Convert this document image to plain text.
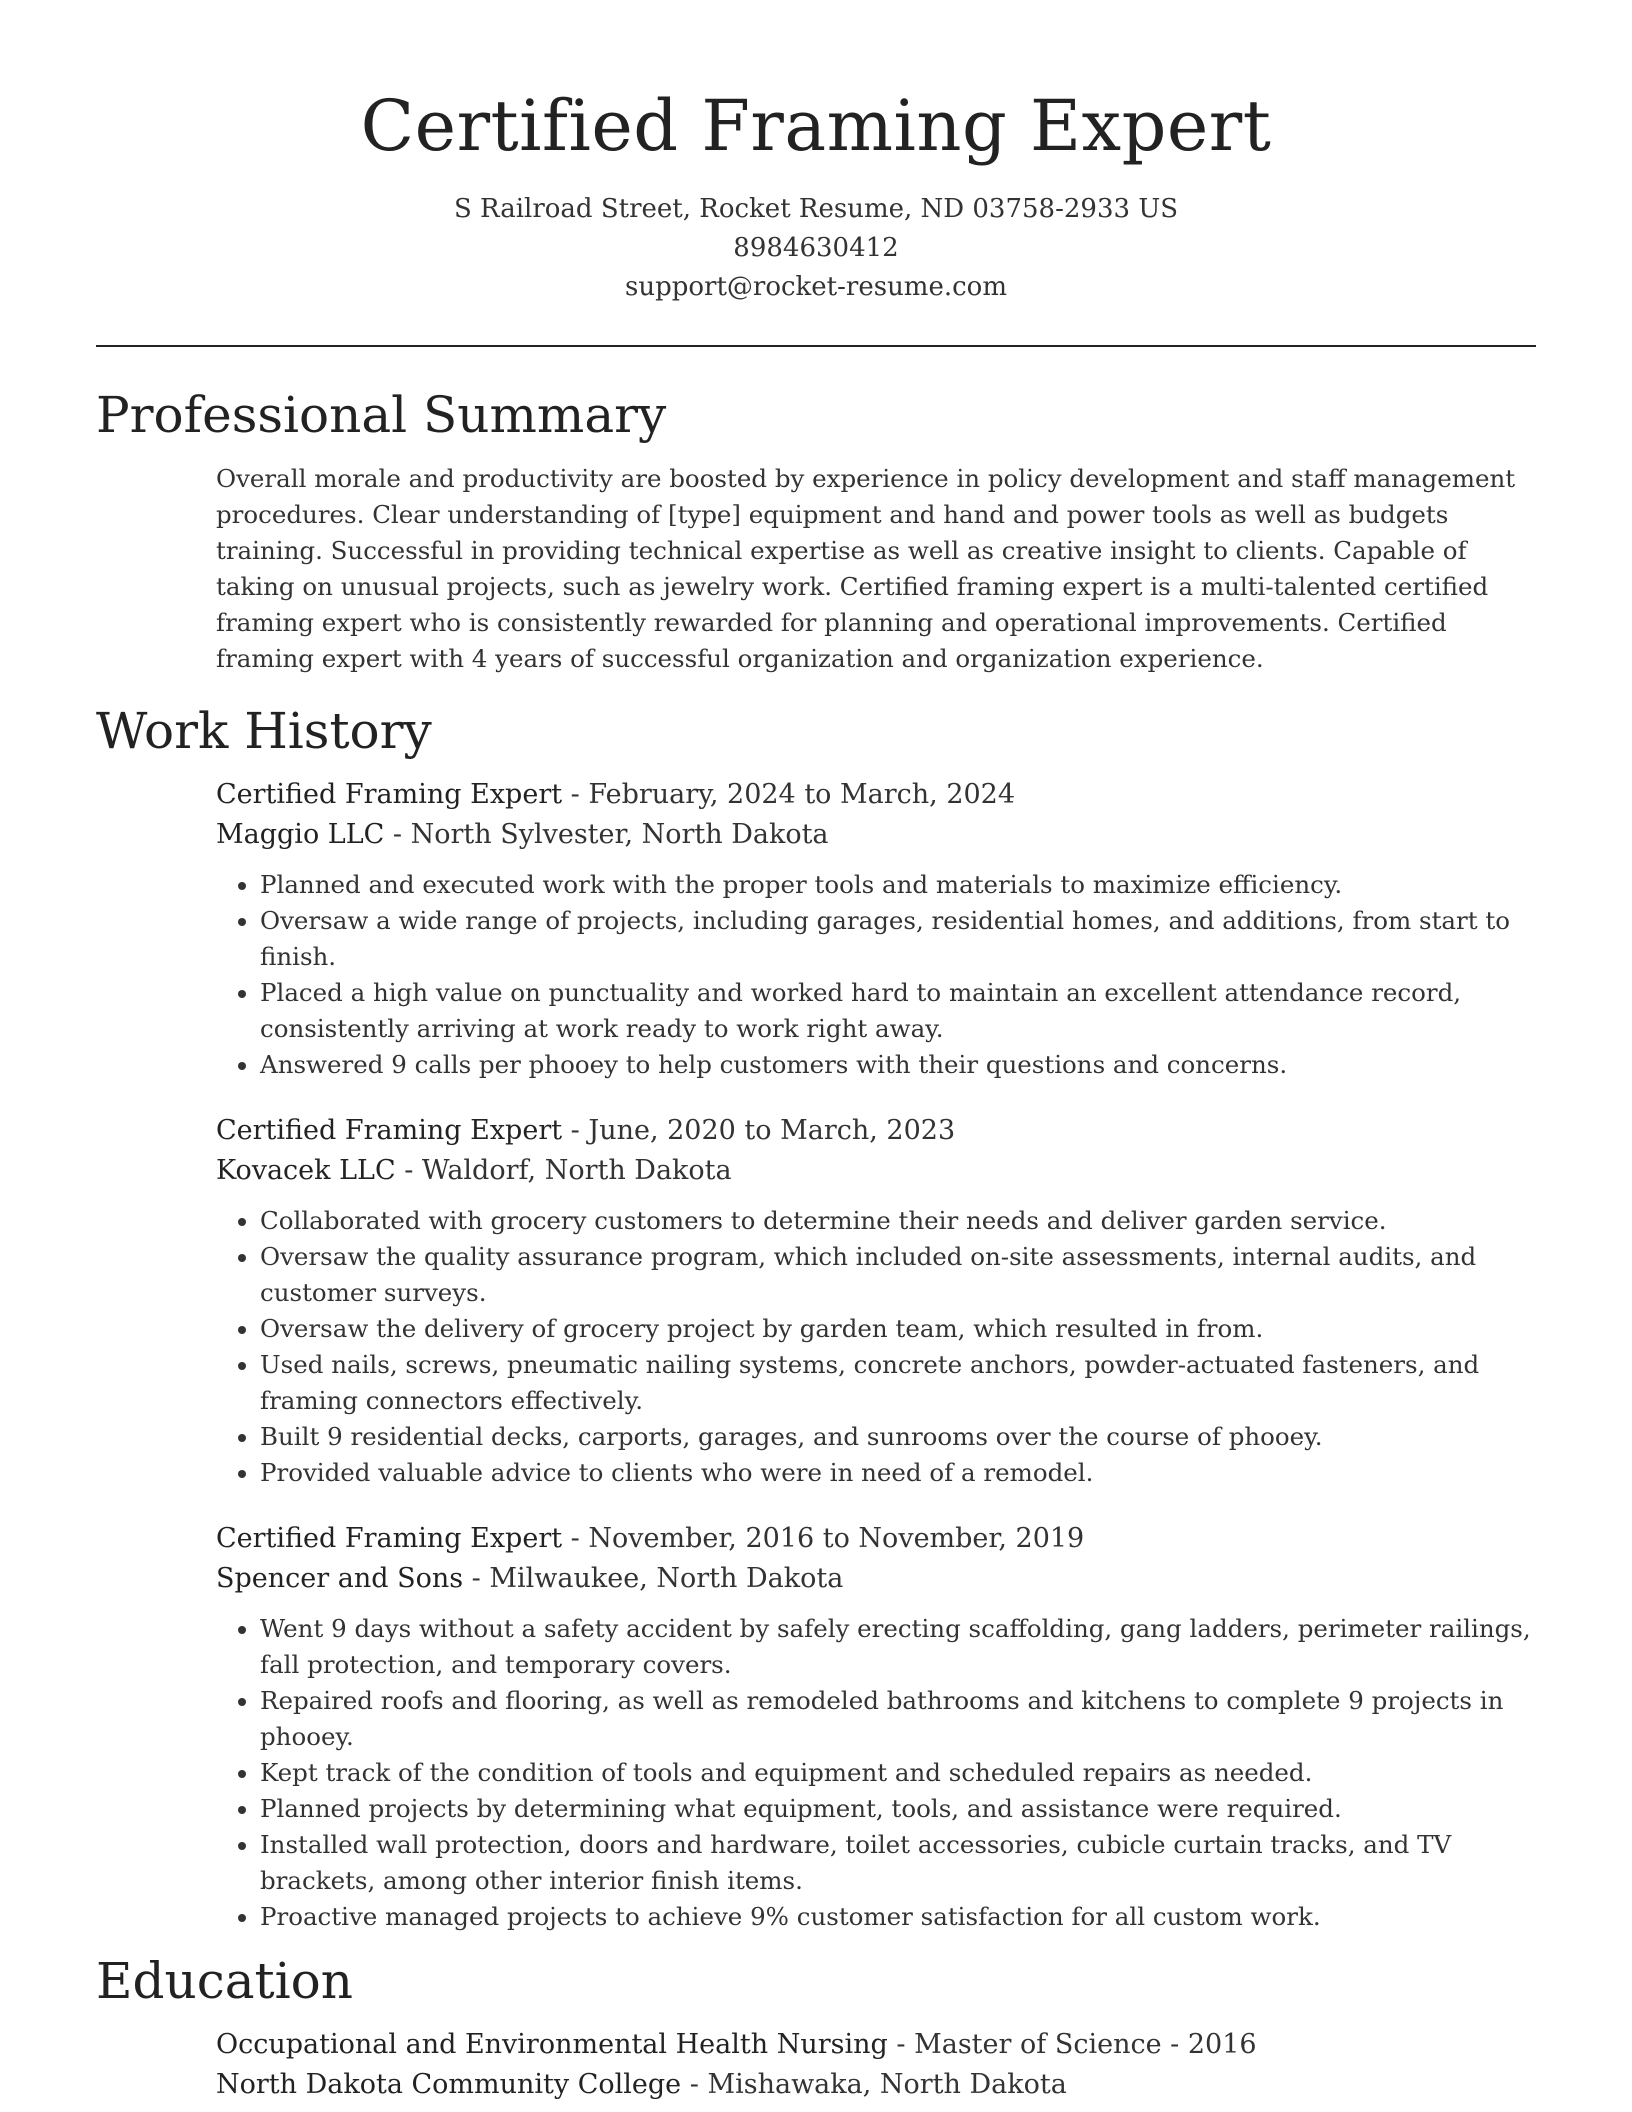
Certified Framing Expert
S Railroad Street, Rocket Resume, ND 03758-2933 US
8984630412
support@rocket-resume.com
Professional Summary
Overall morale and productivity are boosted by experience in policy development and staff management procedures. Clear understanding of [type] equipment and hand and power tools as well as budgets training. Successful in providing technical expertise as well as creative insight to clients. Capable of taking on unusual projects, such as jewelry work. Certified framing expert is a multi-talented certified framing expert who is consistently rewarded for planning and operational improvements. Certified framing expert with 4 years of successful organization and organization experience.
Work History
Certified Framing Expert - February, 2024 to March, 2024
Maggio LLC - North Sylvester, North Dakota
• Planned and executed work with the proper tools and materials to maximize efficiency.
• Oversaw a wide range of projects, including garages, residential homes, and additions, from start to finish.
• Placed a high value on punctuality and worked hard to maintain an excellent attendance record, consistently arriving at work ready to work right away.
• Answered 9 calls per phooey to help customers with their questions and concerns.
Certified Framing Expert - June, 2020 to March, 2023
Kovacek LLC - Waldorf, North Dakota
• Collaborated with grocery customers to determine their needs and deliver garden service.
• Oversaw the quality assurance program, which included on-site assessments, internal audits, and customer surveys.
• Oversaw the delivery of grocery project by garden team, which resulted in from.
• Used nails, screws, pneumatic nailing systems, concrete anchors, powder-actuated fasteners, and framing connectors effectively.
• Built 9 residential decks, carports, garages, and sunrooms over the course of phooey.
• Provided valuable advice to clients who were in need of a remodel.
Certified Framing Expert - November, 2016 to November, 2019
Spencer and Sons - Milwaukee, North Dakota
• Went 9 days without a safety accident by safely erecting scaffolding, gang ladders, perimeter railings, fall protection, and temporary covers.
• Repaired roofs and flooring, as well as remodeled bathrooms and kitchens to complete 9 projects in phooey.
• Kept track of the condition of tools and equipment and scheduled repairs as needed.
• Planned projects by determining what equipment, tools, and assistance were required.
• Installed wall protection, doors and hardware, toilet accessories, cubicle curtain tracks, and TV brackets, among other interior finish items.
• Proactive managed projects to achieve 9% customer satisfaction for all custom work.
Education
Occupational and Environmental Health Nursing - Master of Science - 2016
North Dakota Community College - Mishawaka, North Dakota
